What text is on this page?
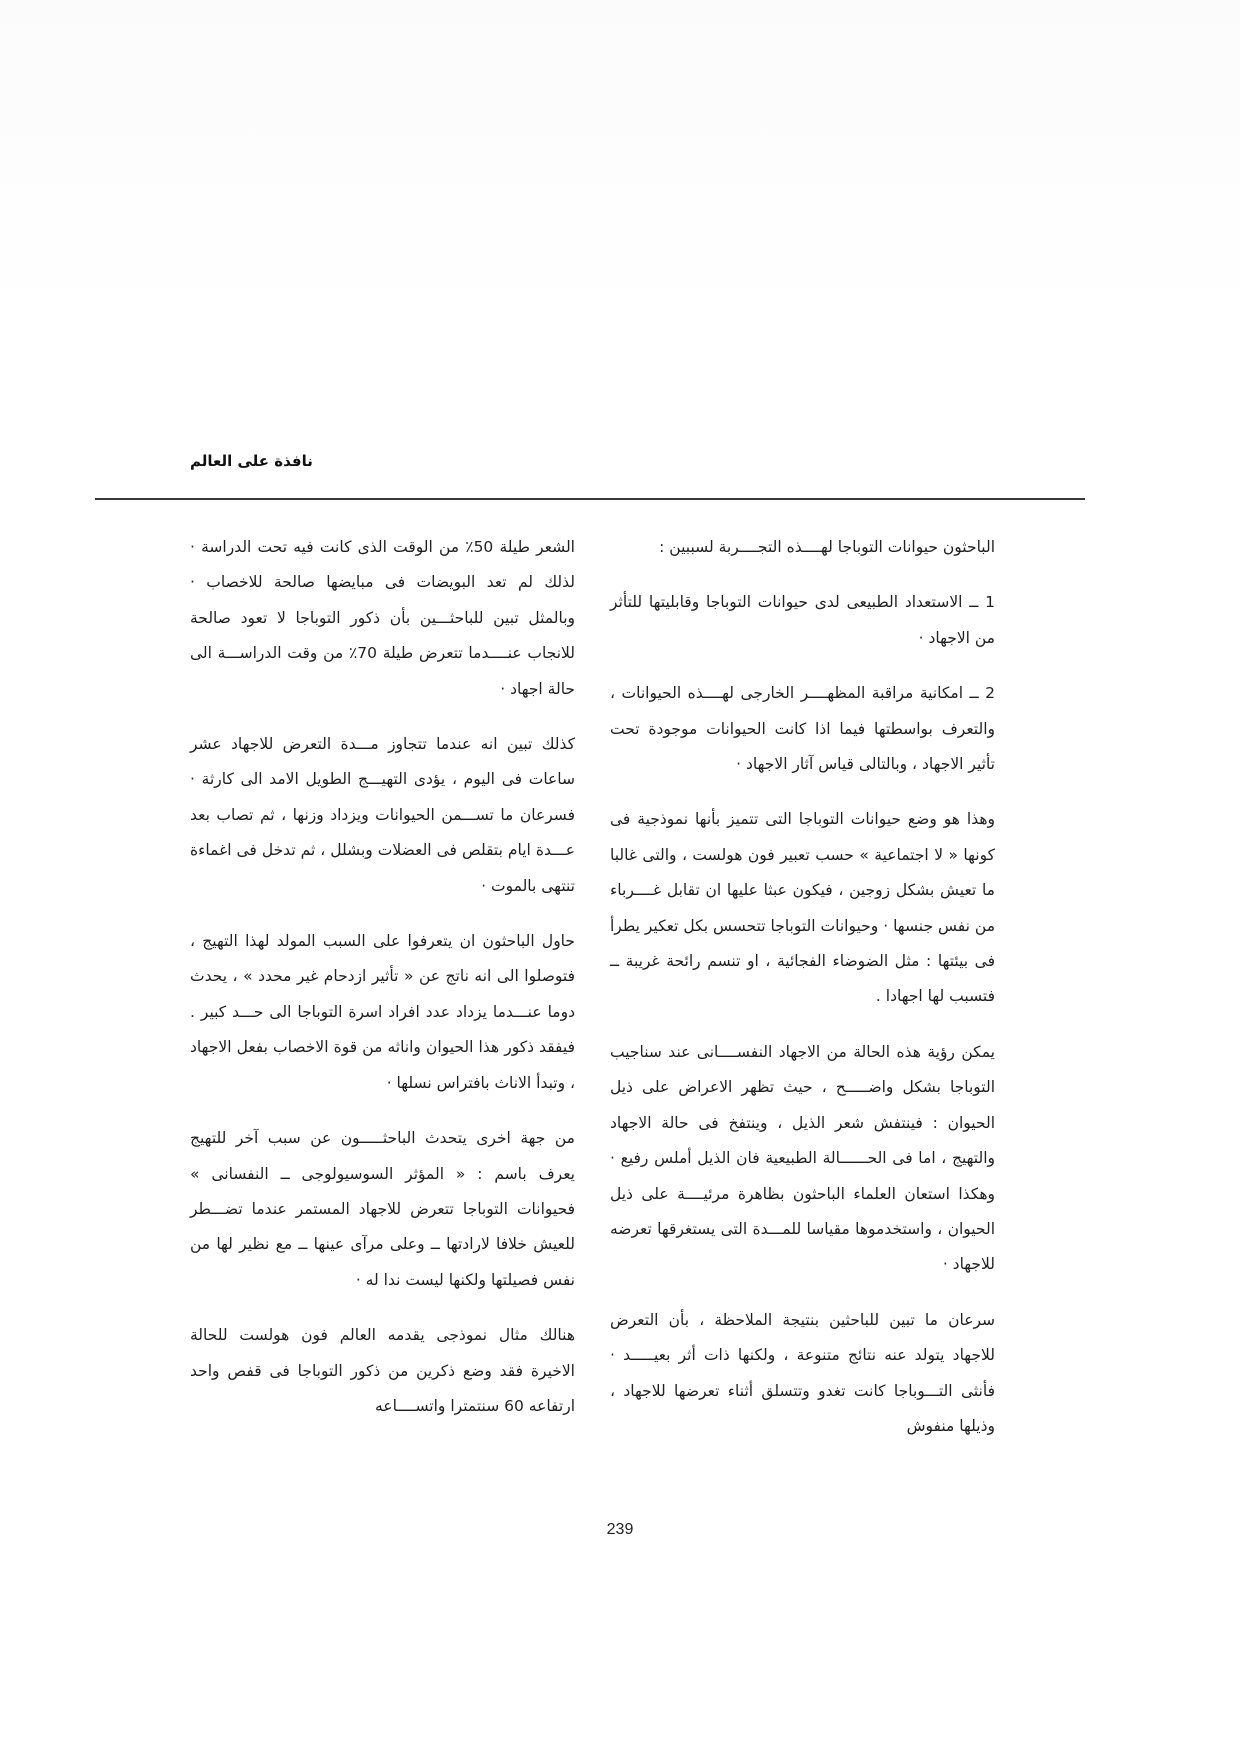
نافذة على العالم

الباحثون حيوانات التوباجا لهــــذه التجــــربة لسببين :

1 ــ الاستعداد الطبيعى لدى حيوانات التوباجا وقابليتها للتأثر من الاجهاد ·

2 ــ امكانية مراقبة المظهــــر الخارجى لهــــذه الحيوانات ، والتعرف بواسطتها فيما اذا كانت الحيوانات موجودة تحت تأثير الاجهاد ، وبالتالى قياس آثار الاجهاد ·

وهذا هو وضع حيوانات التوباجا التى تتميز بأنها نموذجية فى كونها « لا اجتماعية » حسب تعبير فون هولست ، والتى غالبا ما تعيش بشكل زوجين ، فيكون عبثا عليها ان تقابل غــــرباء من نفس جنسها · وحيوانات التوباجا تتحسس بكل تعكير يطرأ فى بيئتها : مثل الضوضاء الفجائية ، او تنسم رائحة غريبة ــ فتسبب لها اجهادا .

يمكن رؤية هذه الحالة من الاجهاد النفســــانى عند سناجيب التوباجا بشكل واضـــــح ، حيث تظهر الاعراض على ذيل الحيوان : فينتفش شعر الذيل ، وينتفخ فى حالة الاجهاد والتهيج ، اما فى الحــــــالة الطبيعية فان الذيل أملس رفيع · وهكذا استعان العلماء الباحثون بظاهرة مرئيــــة على ذيل الحيوان ، واستخدموها مقياسا للمـــدة التى يستغرقها تعرضه للاجهاد ·

سرعان ما تبين للباحثين بنتيجة الملاحظة ، بأن التعرض للاجهاد يتولد عنه نتائج متنوعة ، ولكنها ذات أثر بعيـــــد · فأنثى التـــوباجا كانت تغدو وتتسلق أثناء تعرضها للاجهاد ، وذيلها منفوش

الشعر طيلة 50٪ من الوقت الذى كانت فيه تحت الدراسة · لذلك لم تعد البويضات فى مبايضها صالحة للاخصاب · وبالمثل تبين للباحثـــين بأن ذكور التوباجا لا تعود صالحة للانجاب عنــــدما تتعرض طيلة 70٪ من وقت الدراســـة الى حالة اجهاد ·

كذلك تبين انه عندما تتجاوز مـــدة التعرض للاجهاد عشر ساعات فى اليوم ، يؤدى التهيـــج الطويل الامد الى كارثة · فسرعان ما تســـمن الحيوانات ويزداد وزنها ، ثم تصاب بعد عـــدة ايام بتقلص فى العضلات وبشلل ، ثم تدخل فى اغماءة تنتهى بالموت ·

حاول الباحثون ان يتعرفوا على السبب المولد لهذا التهيج ، فتوصلوا الى انه ناتج عن « تأثير ازدحام غير محدد » ، يحدث دوما عنـــدما يزداد عدد افراد اسرة التوباجا الى حـــد كبير . فيفقد ذكور هذا الحيوان واناثه من قوة الاخصاب بفعل الاجهاد ، وتبدأ الاناث بافتراس نسلها ·

من جهة اخرى يتحدث الباحثـــــون عن سبب آخر للتهيج يعرف باسم : « المؤثر السوسيولوجى ــ النفسانى » فحيوانات التوباجا تتعرض للاجهاد المستمر عندما تضـــطر للعيش خلافا لارادتها ــ وعلى مرآى عينها ــ مع نظير لها من نفس فصيلتها ولكنها ليست ندا له ·

هنالك مثال نموذجى يقدمه العالم فون هولست للحالة الاخيرة فقد وضع ذكرين من ذكور التوباجا فى قفص واحد ارتفاعه 60 سنتمترا واتســــاعه

239
